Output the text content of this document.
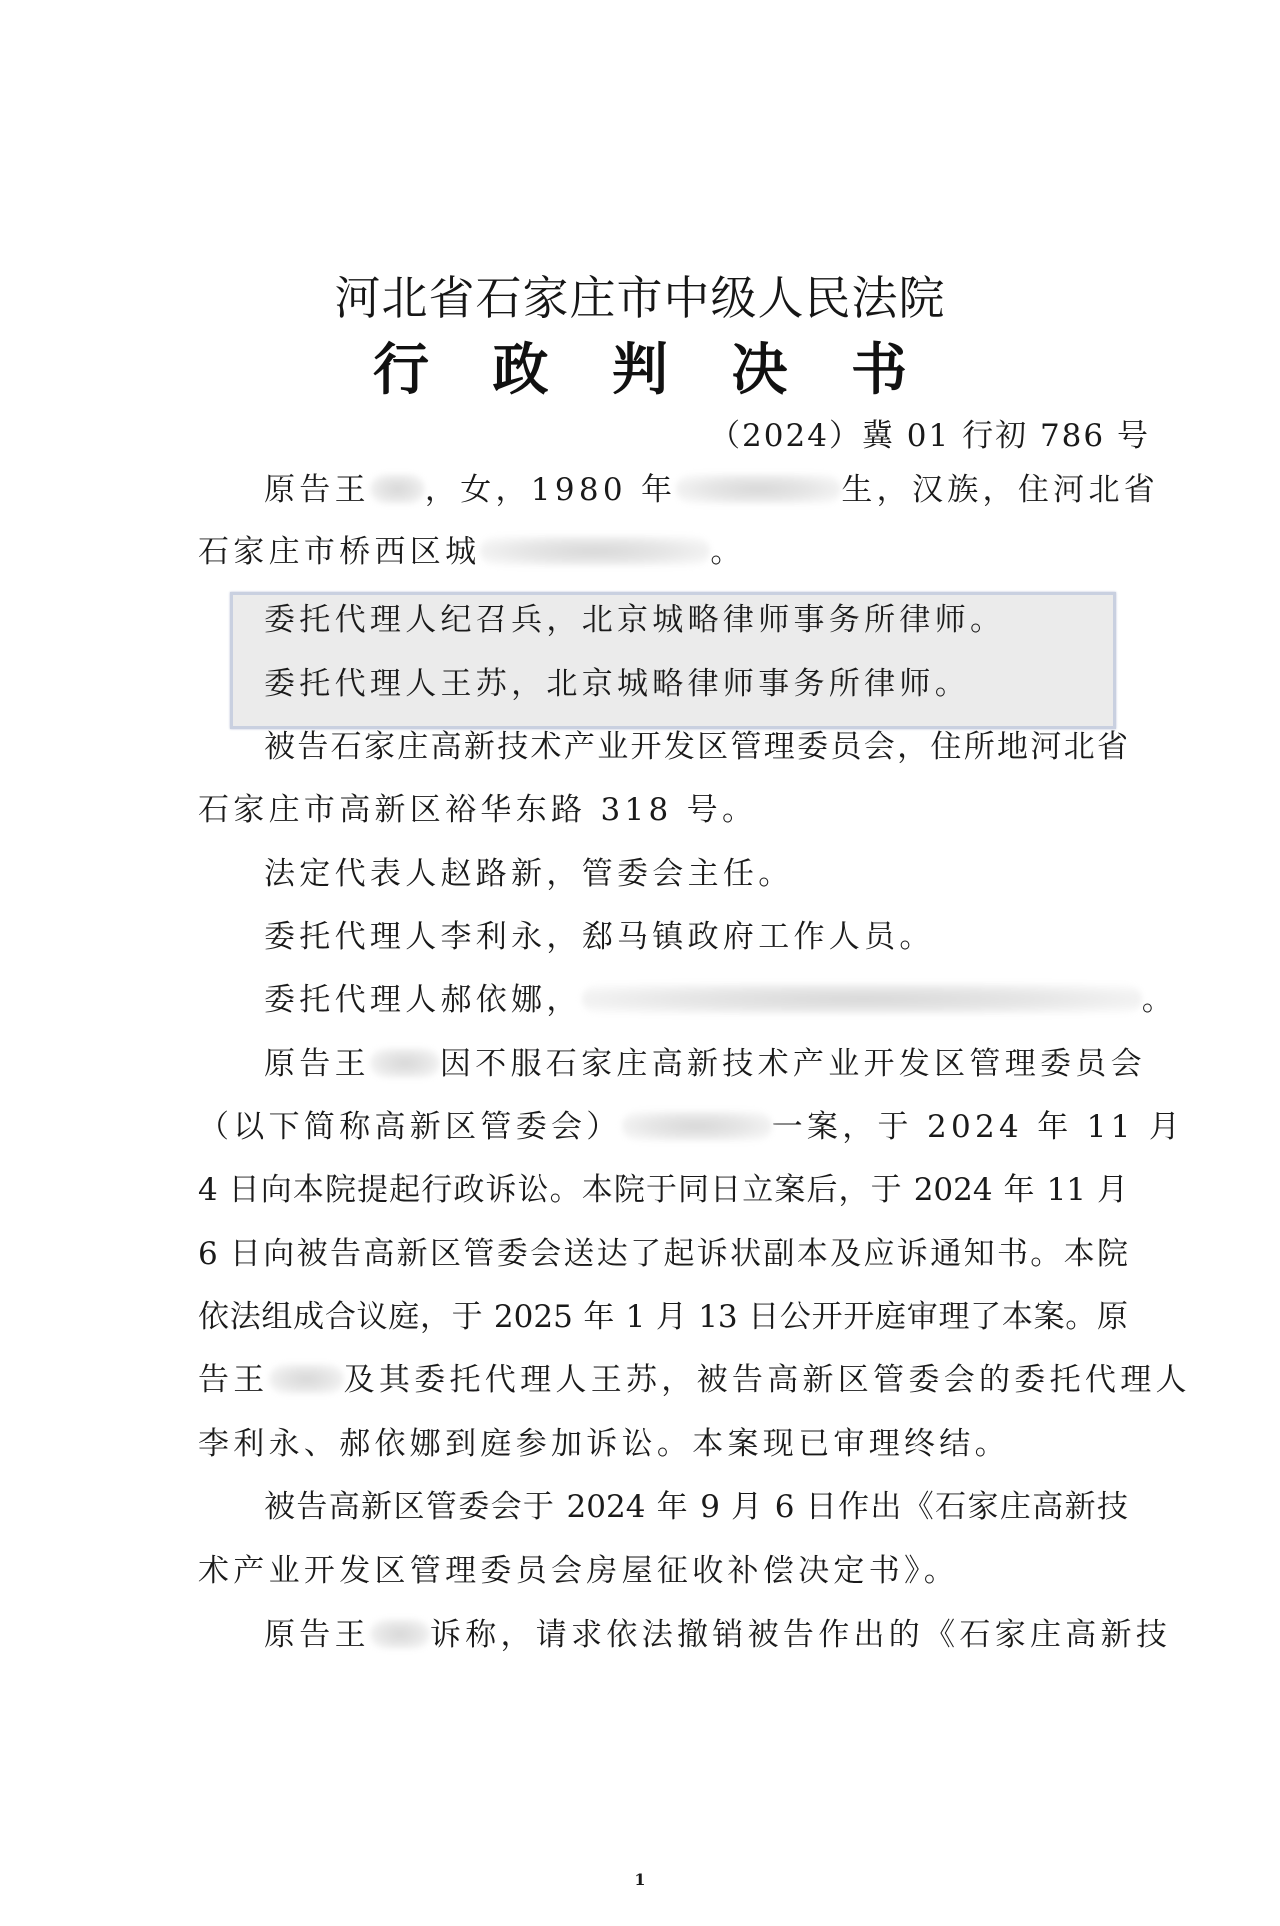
河北省石家庄市中级人民法院
行 政 判 决 书
（2024）冀 01 行初 786 号
原告王 ，女，1980 年	生，汉族，住河北省
石家庄市桥西区城	。
委托代理人纪召兵，北京城略律师事务所律师。
委托代理人王苏，北京城略律师事务所律师。
被告石家庄高新技术产业开发区管理委员会，住所地河北省
石家庄市高新区裕华东路 318 号。
法定代表人赵路新，管委会主任。
委托代理人李利永，郄马镇政府工作人员。
委托代理人郝依娜，	。
原告王 因不服石家庄高新技术产业开发区管理委员会
（以下简称高新区管委会）	一案，于 2024 年 11 月
4 日向本院提起行政诉讼。本院于同日立案后，于 2024 年 11 月
6 日向被告高新区管委会送达了起诉状副本及应诉通知书。本院
依法组成合议庭，于 2025 年 1 月 13 日公开开庭审理了本案。原
告王 及其委托代理人王苏，被告高新区管委会的委托代理人
李利永、郝依娜到庭参加诉讼。本案现已审理终结。
被告高新区管委会于 2024 年 9 月 6 日作出《石家庄高新技
术产业开发区管理委员会房屋征收补偿决定书》。
原告王 诉称，请求依法撤销被告作出的《石家庄高新技
1
